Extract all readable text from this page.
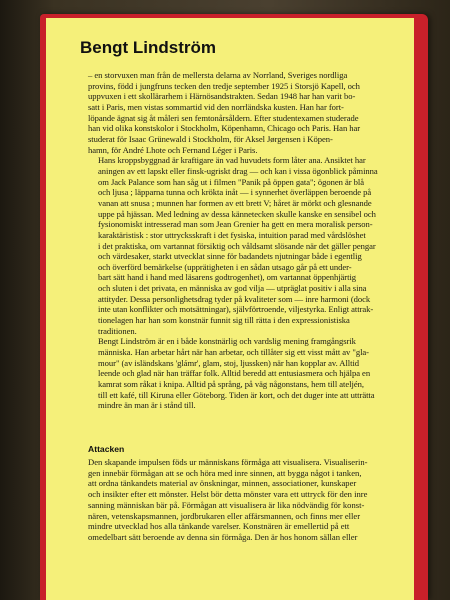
Bengt Lindström

– en storvuxen man från de mellersta delarna av Norrland, Sveriges nordliga
provins, född i jungfruns tecken den tredje september 1925 i Storsjö Kapell, och
uppvuxen i ett skollärarhem i Härnösandstrakten. Sedan 1948 har han varit bo-
satt i Paris, men vistas sommartid vid den norrländska kusten. Han har fort-
löpande ägnat sig åt måleri sen femtonårsåldern. Efter studentexamen studerade
han vid olika konstskolor i Stockholm, Köpenhamn, Chicago och Paris. Han har
studerat för Isaac Grünewald i Stockholm, för Aksel Jørgensen i Köpen-
hamn, för André Lhote och Fernand Léger i Paris.

Hans kroppsbyggnad är kraftigare än vad huvudets form låter ana. Ansiktet har
aningen av ett lapskt eller finsk-ugriskt drag — och kan i vissa ögonblick påminna
om Jack Palance som han såg ut i filmen "Panik på öppen gata"; ögonen är blå
och ljusa ; läpparna tunna och krökta inåt — i synnerhet överläppen beroende på
vanan att snusa ; munnen har formen av ett brett V; håret är mörkt och glesnande
uppe på hjässan. Med ledning av dessa kännetecken skulle kanske en sensibel och
fysionomiskt intresserad man som Jean Grenier ha gett en mera moralisk person-
karaktäristisk : stor uttrycksskraft i det fysiska, intuition parad med vårdslöshet
i det praktiska, om vartannat försiktig och våldsamt slösande när det gäller pengar
och värdesaker, starkt utvecklat sinne för badandets njutningar både i egentlig
och överförd bemärkelse (upprätigheten i en sådan utsago går på ett under-
bart sätt hand i hand med läsarens godtrogenhet), om vartannat öppenhjärtig
och sluten i det privata, en människa av god vilja — utpräglat positiv i alla sina
attityder. Dessa personlighetsdrag tyder på kvaliteter som — inre harmoni (dock
inte utan konflikter och motsättningar), självförtroende, viljestyrka. Enligt attrak-
tionelagen har han som konstnär funnit sig till rätta i den expressionistiska
traditionen.

Bengt Lindström är en i både konstnärlig och vardslig mening framgångsrik
människa. Han arbetar hårt när han arbetar, och tillåter sig ett visst mått av "gla-
mour" (av isländskans 'glámr', glam, stoj, ljussken) när han kopplar av. Alltid
leende och glad när han träffar folk. Alltid beredd att entusiasmera och hjälpa en
kamrat som råkat i knipa. Alltid på språng, på väg någonstans, hem till ateljén,
till ett kafé, till Kiruna eller Göteborg. Tiden är kort, och det duger inte att utträtta
mindre än man är i stånd till.

Attacken

Den skapande impulsen föds ur människans förmåga att visualisera. Visualiserin-
gen innebär förmågan att se och höra med inre sinnen, att bygga något i tanken,
att ordna tänkandets material av önskningar, minnen, associationer, kunskaper
och insikter efter ett mönster. Helst bör detta mönster vara ett uttryck för den inre
sanning människan bär på. Förmågan att visualisera är lika nödvändig för konst-
nären, vetenskapsmannen, jordbrukaren eller affärsmannen, och finns mer eller
mindre utvecklad hos alla tänkande varelser. Konstnären är emellertid på ett
omedelbart sätt beroende av denna sin förmåga. Den är hos honom sällan eller
